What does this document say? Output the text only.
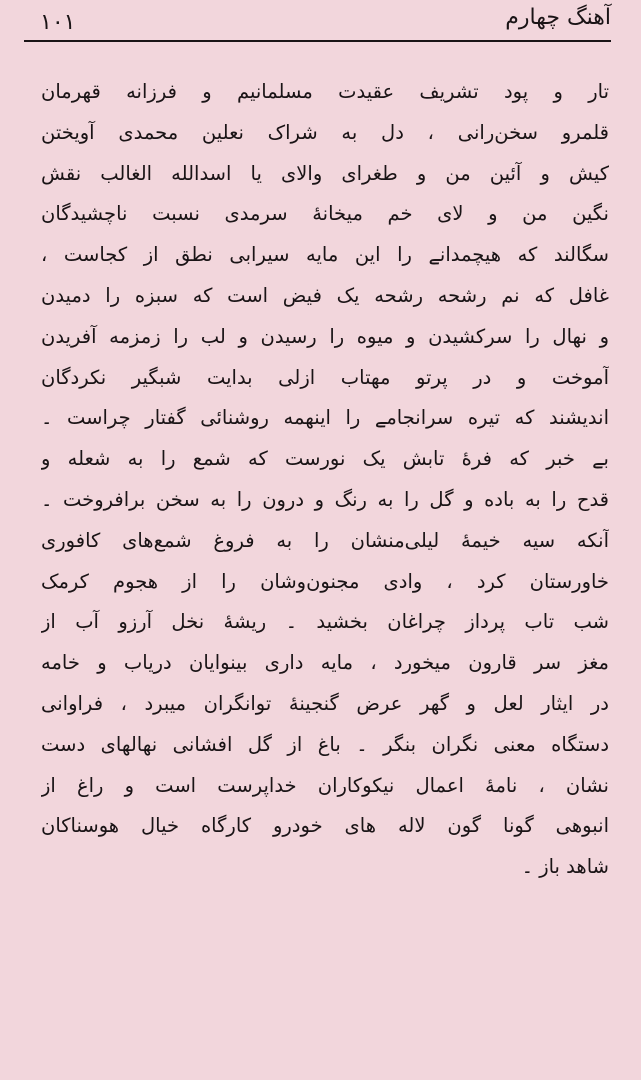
۱۰۱	آهنگ چهارم
تار و پود تشریف عقیدت مسلمانیم و فرزانه قهرمان
قلمرو سخن‌رانی ، دل به شراک نعلین محمدی آویختن
کیش و آئین من و طغرای والای یا اسدالله الغالب نقش
نگین من و لای خم میخانهٔ سرمدی نسبت ناچشیدگان
سگالند که هیچمدانے را این مایه سیرابی نطق از کجاست ،
غافل که نم رشحه رشحه یک فیض است که سبزه را دمیدن
و نهال را سرکشیدن و میوه را رسیدن و لب را زمزمه آفریدن
آموخت و در پرتو مهتاب ازلی بدایت شبگیر نکردگان
اندیشند که تیره سرانجامے را اینهمه روشنائی گفتار چراست ۔
بے خبر که فرهٔ تابش یک نورست که شمع را به شعله و
قدح را به باده و گل را به رنگ و درون را به سخن برافروخت ۔
آنکه سیه خیمهٔ لیلی‌منشان را به فروغ شمع‌های کافوری
خاورستان کرد ، وادی مجنون‌وشان را از هجوم کرمک
شب تاب پرداز چراغان بخشید ۔ ریشهٔ نخل آرزو آب از
مغز سر قارون میخورد ، مایه داری بینوایان دریاب و خامه
در ایثار لعل و گهر عرض گنجینهٔ توانگران میبرد ، فراوانی
دستگاه معنی نگران بنگر ۔ باغ از گل افشانی نهالهای دست
نشان ، نامهٔ اعمال نیکوکاران خداپرست است و راغ از
انبوهی گونا گون لاله های خودرو کارگاه خیال هوسناکان
شاهد باز ۔
